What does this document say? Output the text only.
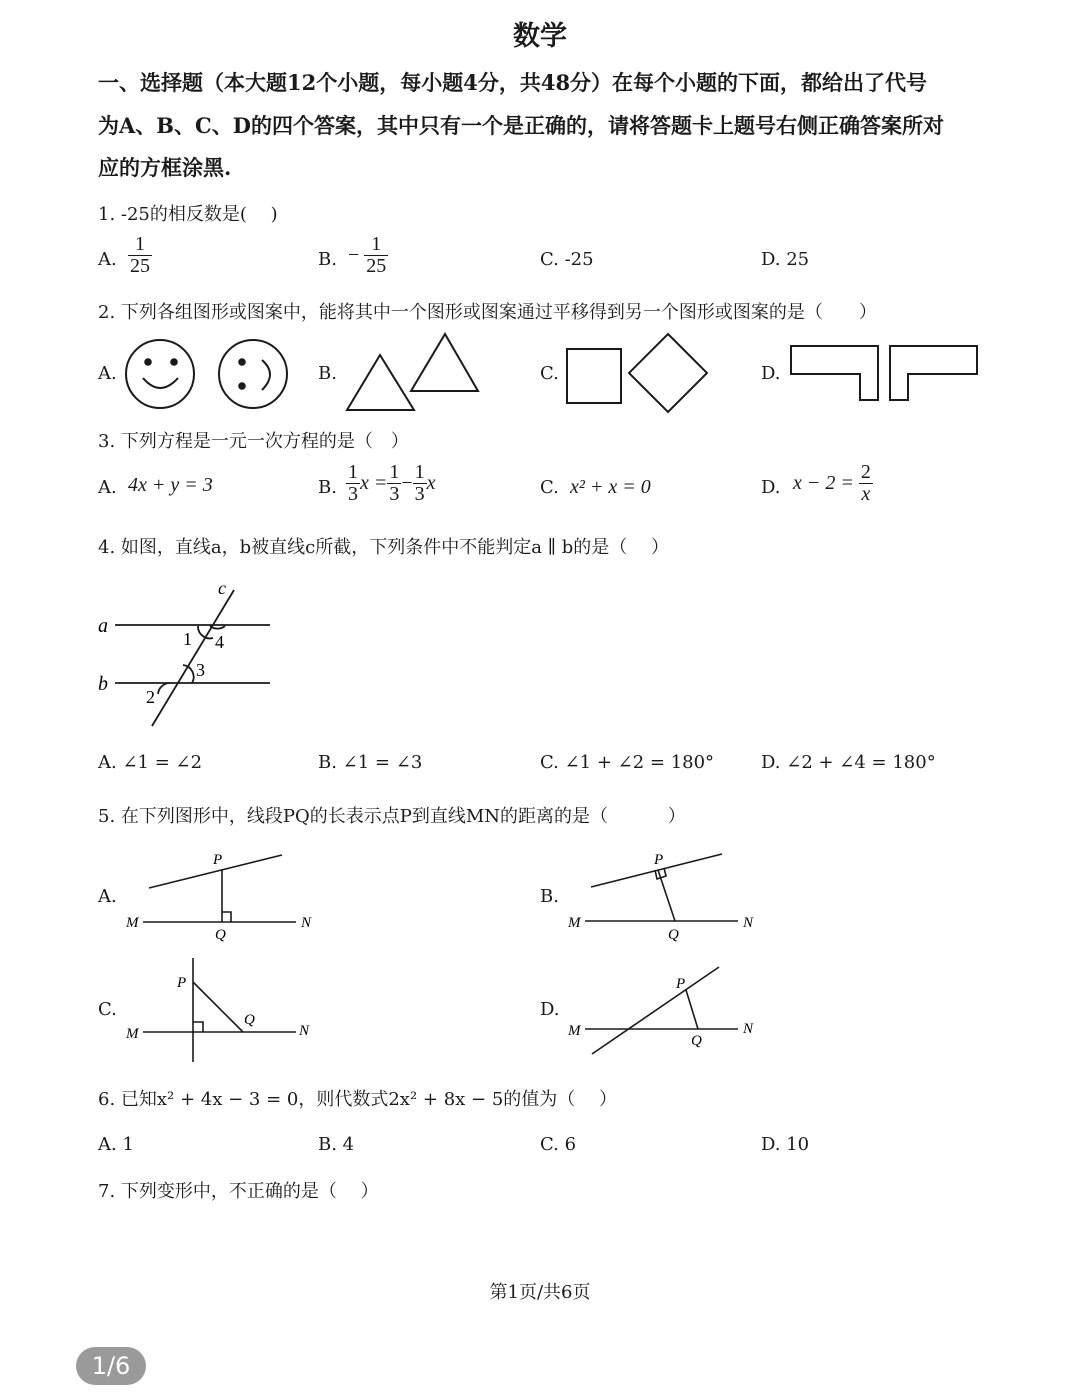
数学
一、选择题（本大题12个小题，每小题4分，共48分）在每个小题的下面，都给出了代号
为A、B、C、D的四个答案，其中只有一个是正确的，请将答题卡上题号右侧正确答案所对
应的方框涂黑.
1. -25的相反数是(　 )
A. $\frac{1}{25}$	B. − $\frac{1}{25}$	C. -25	D. 25
2. 下列各组图形或图案中，能将其中一个图形或图案通过平移得到另一个图形或图案的是（　　）
A.	B.	C.	D.
3. 下列方程是一元一次方程的是（　）
A. 4x + y = 3	B. $\frac{1}{3}$ $x = \frac{1}{3} - \frac{1}{3}$ x	C. x² + x = 0	D. $x - 2 = \frac{2}{x}$
4. 如图，直线a，b被直线c所截，下列条件中不能判定a ∥ b的是（　 ）
a
b
c
1 4
3
2
A. ∠1 = ∠2	B. ∠1 = ∠3	C. ∠1 + ∠2 = 180°	D. ∠2 + ∠4 = 180°
5. 在下列图形中，线段PQ的长表示点P到直线MN的距离的是（　　　 ）
A.	B.
C.	D.
P
Q
M	N
P
Q
M	N
P
Q
M	N
P
Q
M	N
6. 已知x² + 4x − 3 = 0，则代数式2x² + 8x − 5的值为（　 ）
A. 1	B. 4	C. 6	D. 10
7. 下列变形中，不正确的是（　 ）
第1页/共6页
1/6
